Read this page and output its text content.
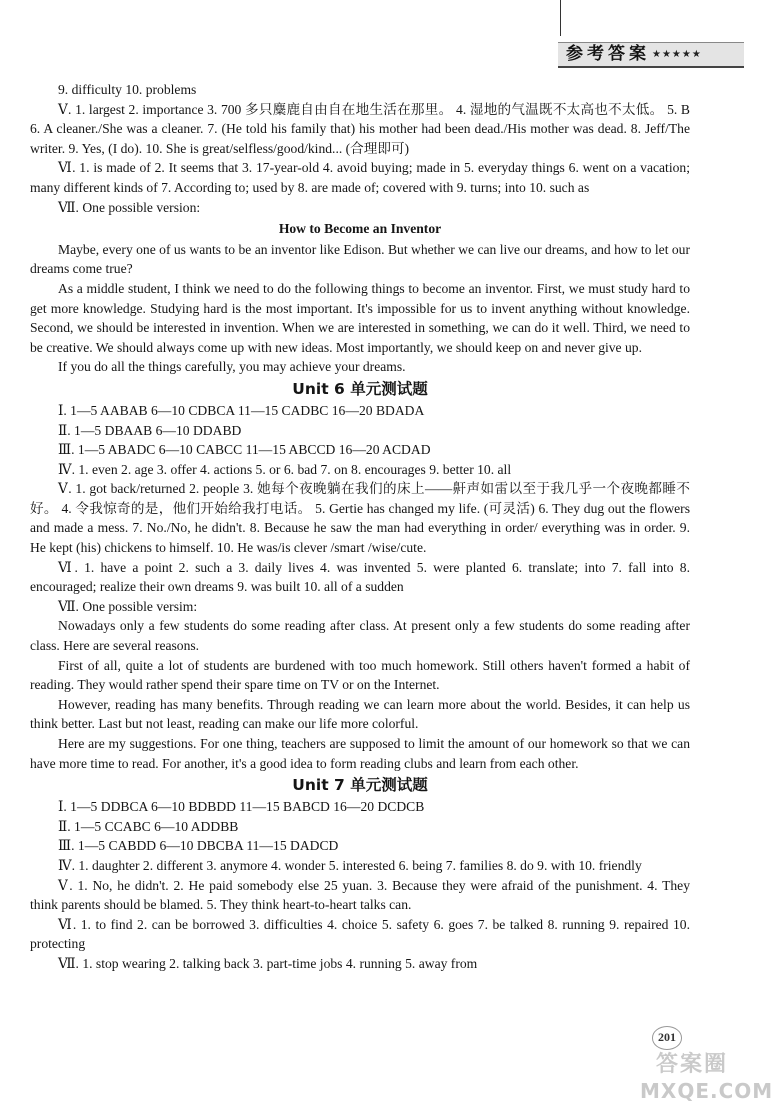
参考答案 ★★★★★

9. difficulty 10. problems

Ⅴ. 1. largest 2. importance 3. 700 多只麋鹿自由自在地生活在那里。 4. 湿地的气温既不太高也不太低。 5. B 6. A cleaner./She was a cleaner. 7. (He told his family that) his mother had been dead./His mother was dead. 8. Jeff/The writer. 9. Yes, (I do). 10. She is great/selfless/good/kind... (合理即可)

Ⅵ. 1. is made of 2. It seems that 3. 17-year-old 4. avoid buying; made in 5. everyday things 6. went on a vacation; many different kinds of 7. According to; used by 8. are made of; covered with 9. turns; into 10. such as

Ⅶ. One possible version:

How to Become an Inventor

Maybe, every one of us wants to be an inventor like Edison. But whether we can live our dreams, and how to let our dreams come true?

As a middle student, I think we need to do the following things to become an inventor. First, we must study hard to get more knowledge. Studying hard is the most important. It's impossible for us to invent anything without knowledge. Second, we should be interested in invention. When we are interested in something, we can do it well. Third, we need to be creative. We should always come up with new ideas. Most importantly, we should keep on and never give up.

If you do all the things carefully, you may achieve your dreams.

Unit 6 单元测试题

Ⅰ. 1—5 AABAB 6—10 CDBCA 11—15 CADBC 16—20 BDADA

Ⅱ. 1—5 DBAAB 6—10 DDABD

Ⅲ. 1—5 ABADC 6—10 CABCC 11—15 ABCCD 16—20 ACDAD

Ⅳ. 1. even 2. age 3. offer 4. actions 5. or 6. bad 7. on 8. encourages 9. better 10. all

Ⅴ. 1. got back/returned 2. people 3. 她每个夜晚躺在我们的床上——鼾声如雷以至于我几乎一个夜晚都睡不好。 4. 令我惊奇的是，他们开始给我打电话。 5. Gertie has changed my life. (可灵活) 6. They dug out the flowers and made a mess. 7. No./No, he didn't. 8. Because he saw the man had everything in order/ everything was in order. 9. He kept (his) chickens to himself. 10. He was/is clever /smart /wise/cute.

Ⅵ. 1. have a point 2. such a 3. daily lives 4. was invented 5. were planted 6. translate; into 7. fall into 8. encouraged; realize their own dreams 9. was built 10. all of a sudden

Ⅶ. One possible versim:

Nowadays only a few students do some reading after class. At present only a few students do some reading after class. Here are several reasons.

First of all, quite a lot of students are burdened with too much homework. Still others haven't formed a habit of reading. They would rather spend their spare time on TV or on the Internet.

However, reading has many benefits. Through reading we can learn more about the world. Besides, it can help us think better. Last but not least, reading can make our life more colorful.

Here are my suggestions. For one thing, teachers are supposed to limit the amount of our homework so that we can have more time to read. For another, it's a good idea to form reading clubs and learn from each other.

Unit 7 单元测试题

Ⅰ. 1—5 DDBCA 6—10 BDBDD 11—15 BABCD 16—20 DCDCB

Ⅱ. 1—5 CCABC 6—10 ADDBB

Ⅲ. 1—5 CABDD 6—10 DBCBA 11—15 DADCD

Ⅳ. 1. daughter 2. different 3. anymore 4. wonder 5. interested 6. being 7. families 8. do 9. with 10. friendly

Ⅴ. 1. No, he didn't. 2. He paid somebody else 25 yuan. 3. Because they were afraid of the punishment. 4. They think parents should be blamed. 5. They think heart-to-heart talks can.

Ⅵ. 1. to find 2. can be borrowed 3. difficulties 4. choice 5. safety 6. goes 7. be talked 8. running 9. repaired 10. protecting

Ⅶ. 1. stop wearing 2. talking back 3. part-time jobs 4. running 5. away from

201
答案圈
MXQE.COM
